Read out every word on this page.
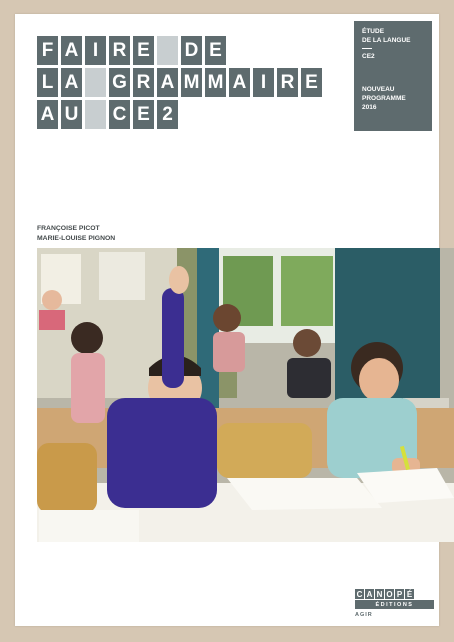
F A I R E D E
L A G R A M M A I R E
A U C E 2
ÉTUDE
DE LA LANGUE
CE2
NOUVEAU
PROGRAMME
2016
FRANÇOISE PICOT
MARIE-LOUISE PIGNON
C A N O P É
ÉDITIONS
AGIR
